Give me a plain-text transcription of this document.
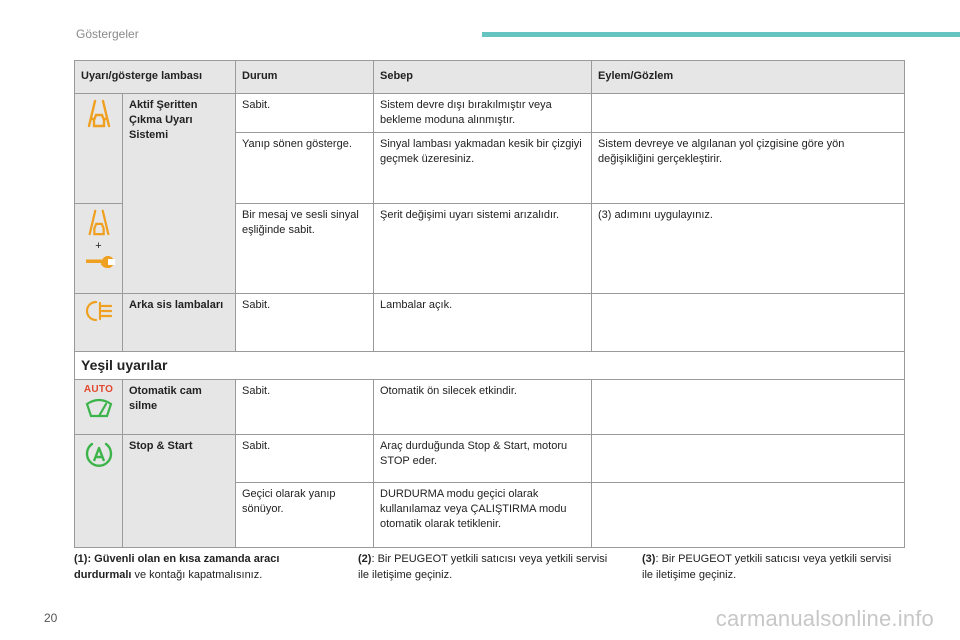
Göstergeler
Uyarı/gösterge lambası		Durum	Sebep	Eylem/Gözlem

	Aktif Şeritten Çıkma Uyarı Sistemi	Sabit.	Sistem devre dışı bırakılmıştır veya bekleme moduna alınmıştır.	
		Yanıp sönen gösterge.	Sinyal lambası yakmadan kesik bir çizgiyi geçmek üzeresiniz.	Sistem devreye ve algılanan yol çizgisine göre yön değişikliğini gerçekleştirir.

+		Bir mesaj ve sesli sinyal eşliğinde sabit.	Şerit değişimi uyarı sistemi arızalıdır.	(3) adımını uygulayınız.

	Arka sis lambaları	Sabit.	Lambalar açık.	
Yeşil uyarılar				

AUTO	Otomatik cam silme	Sabit.	Otomatik ön silecek etkindir.	

	Stop & Start	Sabit.	Araç durduğunda Stop & Start, motoru STOP eder.	
		Geçici olarak yanıp sönüyor.	DURDURMA modu geçici olarak kullanılamaz veya ÇALIŞTIRMA modu otomatik olarak tetiklenir.	
(1): Güvenli olan en kısa zamanda aracı durdurmalı ve kontağı kapatmalısınız.
(2): Bir PEUGEOT yetkili satıcısı veya yetkili servisi ile iletişime geçiniz.
(3): Bir PEUGEOT yetkili satıcısı veya yetkili servisi ile iletişime geçiniz.
20	carmanualsonline.info
